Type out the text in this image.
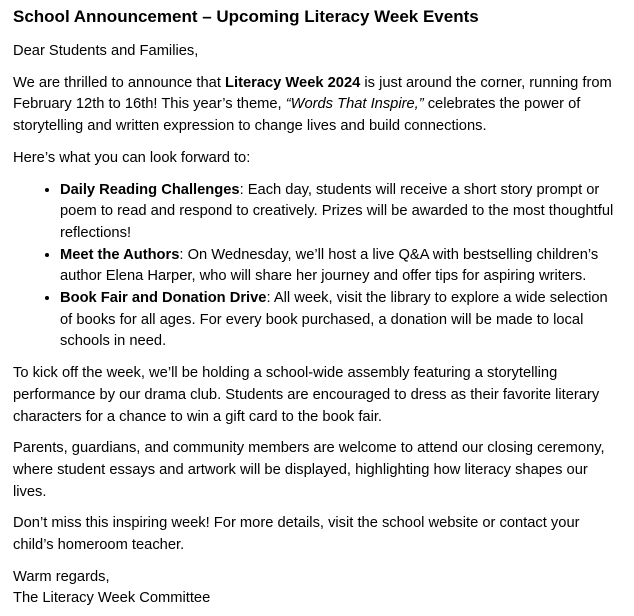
School Announcement – Upcoming Literacy Week Events

Dear Students and Families,

We are thrilled to announce that Literacy Week 2024 is just around the corner, running from February 12th to 16th! This year’s theme, “Words That Inspire,” celebrates the power of storytelling and written expression to change lives and build connections.

Here’s what you can look forward to:

• Daily Reading Challenges: Each day, students will receive a short story prompt or poem to read and respond to creatively. Prizes will be awarded to the most thoughtful reflections!
• Meet the Authors: On Wednesday, we’ll host a live Q&A with bestselling children’s author Elena Harper, who will share her journey and offer tips for aspiring writers.
• Book Fair and Donation Drive: All week, visit the library to explore a wide selection of books for all ages. For every book purchased, a donation will be made to local schools in need.

To kick off the week, we’ll be holding a school-wide assembly featuring a storytelling performance by our drama club. Students are encouraged to dress as their favorite literary characters for a chance to win a gift card to the book fair.

Parents, guardians, and community members are welcome to attend our closing ceremony, where student essays and artwork will be displayed, highlighting how literacy shapes our lives.

Don’t miss this inspiring week! For more details, visit the school website or contact your child’s homeroom teacher.

Warm regards,
The Literacy Week Committee
